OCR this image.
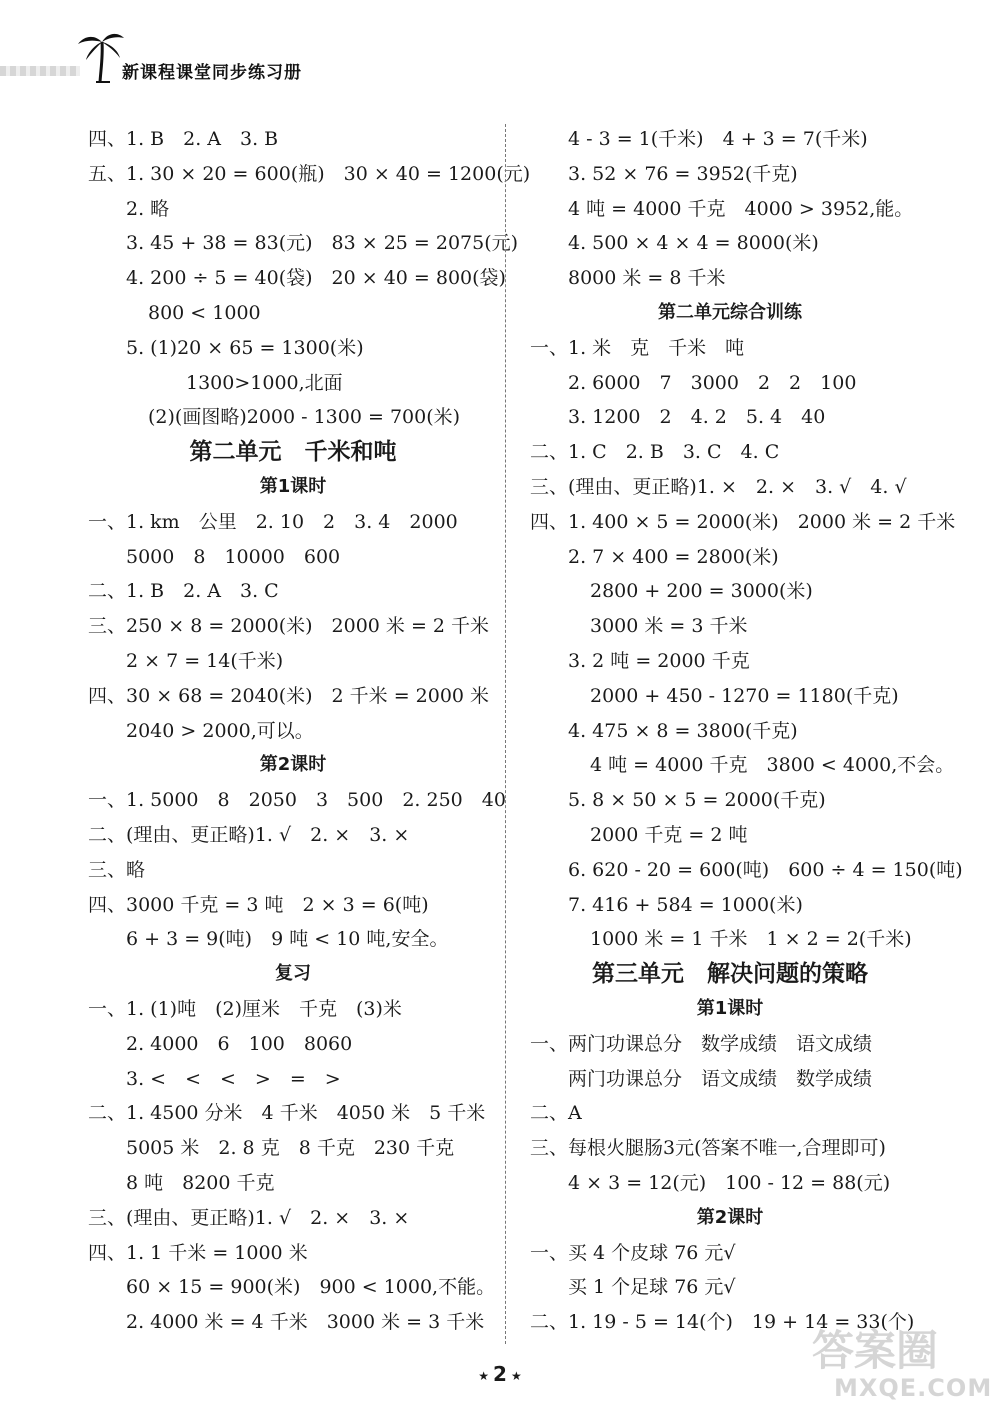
新课程课堂同步练习册
四、1. B　2. A　3. B
五、1. 30 × 20 = 600(瓶)　30 × 40 = 1200(元)
2. 略
3. 45 + 38 = 83(元)　83 × 25 = 2075(元)
4. 200 ÷ 5 = 40(袋)　20 × 40 = 800(袋)
800 < 1000
5. (1)20 × 65 = 1300(米)
1300>1000,北面
(2)(画图略)2000 - 1300 = 700(米)
第二单元　千米和吨
第1课时
一、1. km　公里　2. 10　2　3. 4　2000
5000　8　10000　600
二、1. B　2. A　3. C
三、250 × 8 = 2000(米)　2000 米 = 2 千米
2 × 7 = 14(千米)
四、30 × 68 = 2040(米)　2 千米 = 2000 米
2040 > 2000,可以。
第2课时
一、1. 5000　8　2050　3　500　2. 250　40
二、(理由、更正略)1. √　2. ×　3. ×
三、略
四、3000 千克 = 3 吨　2 × 3 = 6(吨)
6 + 3 = 9(吨)　9 吨 < 10 吨,安全。
复习
一、1. (1)吨　(2)厘米　千克　(3)米
2. 4000　6　100　8060
3. <　<　<　>　=　>
二、1. 4500 分米　4 千米　4050 米　5 千米
5005 米　2. 8 克　8 千克　230 千克
8 吨　8200 千克
三、(理由、更正略)1. √　2. ×　3. ×
四、1. 1 千米 = 1000 米
60 × 15 = 900(米)　900 < 1000,不能。
2. 4000 米 = 4 千米　3000 米 = 3 千米
4 - 3 = 1(千米)　4 + 3 = 7(千米)
3. 52 × 76 = 3952(千克)
4 吨 = 4000 千克　4000 > 3952,能。
4. 500 × 4 × 4 = 8000(米)
8000 米 = 8 千米
第二单元综合训练
一、1. 米　克　千米　吨
2. 6000　7　3000　2　2　100
3. 1200　2　4. 2　5. 4　40
二、1. C　2. B　3. C　4. C
三、(理由、更正略)1. ×　2. ×　3. √　4. √
四、1. 400 × 5 = 2000(米)　2000 米 = 2 千米
2. 7 × 400 = 2800(米)
2800 + 200 = 3000(米)
3000 米 = 3 千米
3. 2 吨 = 2000 千克
2000 + 450 - 1270 = 1180(千克)
4. 475 × 8 = 3800(千克)
4 吨 = 4000 千克　3800 < 4000,不会。
5. 8 × 50 × 5 = 2000(千克)
2000 千克 = 2 吨
6. 620 - 20 = 600(吨)　600 ÷ 4 = 150(吨)
7. 416 + 584 = 1000(米)
1000 米 = 1 千米　1 × 2 = 2(千米)
第三单元　解决问题的策略
第1课时
一、两门功课总分　数学成绩　语文成绩
两门功课总分　语文成绩　数学成绩
二、A
三、每根火腿肠3元(答案不唯一,合理即可)
4 × 3 = 12(元)　100 - 12 = 88(元)
第2课时
一、买 4 个皮球 76 元√
买 1 个足球 76 元√
二、1. 19 - 5 = 14(个)　19 + 14 = 33(个)
★ 2 ★
答案圈
MXQE.COM
